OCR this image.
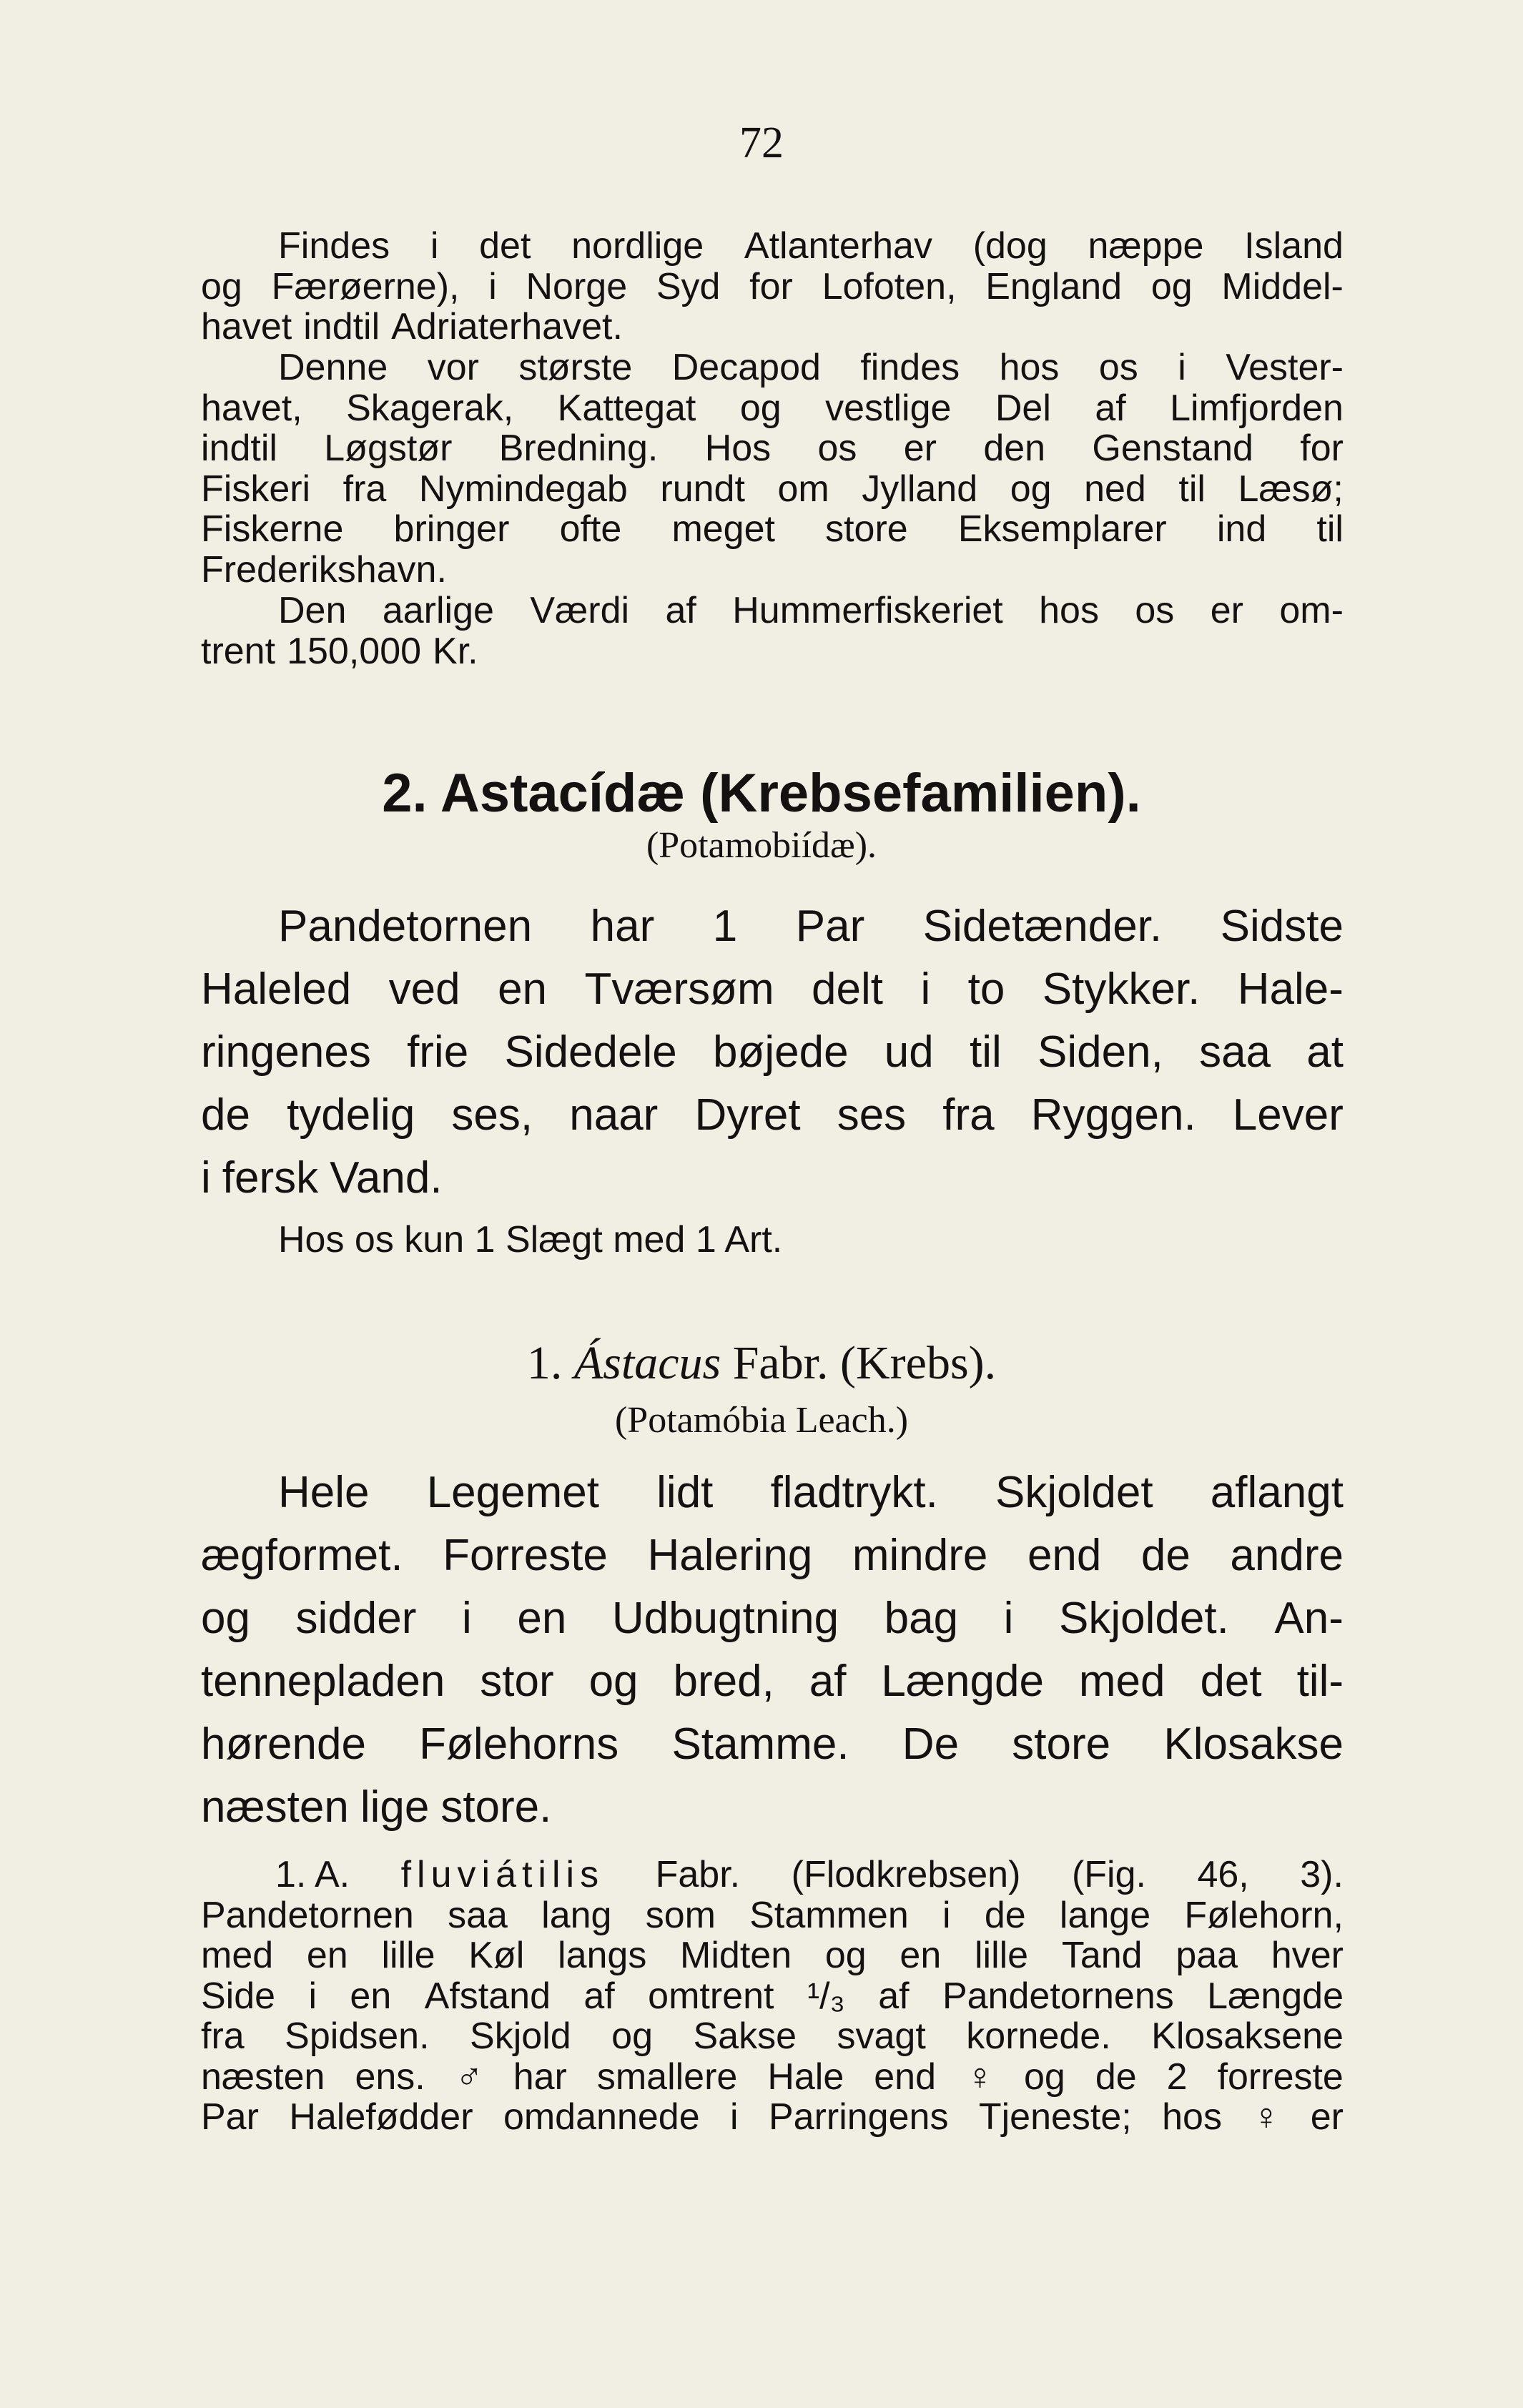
72
Findes i det nordlige Atlanterhav (dog næppe Island
og Færøerne), i Norge Syd for Lofoten, England og Middel-
havet indtil Adriaterhavet.
Denne vor største Decapod findes hos os i Vester-
havet, Skagerak, Kattegat og vestlige Del af Limfjorden
indtil Løgstør Bredning. Hos os er den Genstand for
Fiskeri fra Nymindegab rundt om Jylland og ned til Læsø;
Fiskerne bringer ofte meget store Eksemplarer ind til
Frederikshavn.
Den aarlige Værdi af Hummerfiskeriet hos os er om-
trent 150,000 Kr.
2. Astacídæ (Krebsefamilien).
(Potamobiídæ).
Pandetornen har 1 Par Sidetænder. Sidste
Haleled ved en Tværsøm delt i to Stykker. Hale-
ringenes frie Sidedele bøjede ud til Siden, saa at
de tydelig ses, naar Dyret ses fra Ryggen. Lever
i fersk Vand.
Hos os kun 1 Slægt med 1 Art.
1. Ástacus Fabr. (Krebs).
(Potamóbia Leach.)
Hele Legemet lidt fladtrykt. Skjoldet aflangt
ægformet. Forreste Halering mindre end de andre
og sidder i en Udbugtning bag i Skjoldet. An-
tennepladen stor og bred, af Længde med det til-
hørende Følehorns Stamme. De store Klosakse
næsten lige store.
1. A. fluviátilis Fabr. (Flodkrebsen) (Fig. 46, 3).
Pandetornen saa lang som Stammen i de lange Følehorn,
med en lille Køl langs Midten og en lille Tand paa hver
Side i en Afstand af omtrent ¹/₃ af Pandetornens Længde
fra Spidsen. Skjold og Sakse svagt kornede. Klosaksene
næsten ens. ♂ har smallere Hale end ♀ og de 2 forreste
Par Halefødder omdannede i Parringens Tjeneste; hos ♀ er
